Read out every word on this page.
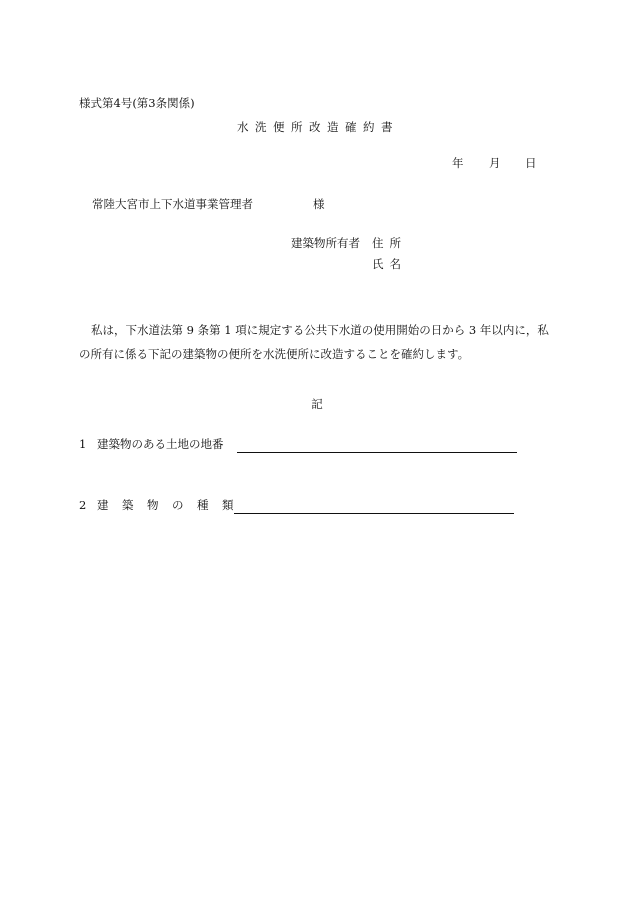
様式第4号(第3条関係)
水洗便所改造確約書
年 月 日
常陸大宮市上下水道事業管理者	様
建築物所有者 住所
氏名
私は，下水道法第 9 条第 1 項に規定する公共下水道の使用開始の日から 3 年以内に，私の所有に係る下記の建築物の便所を水洗便所に改造することを確約します。
記
1 建築物のある土地の地番
2 建築物の種類
